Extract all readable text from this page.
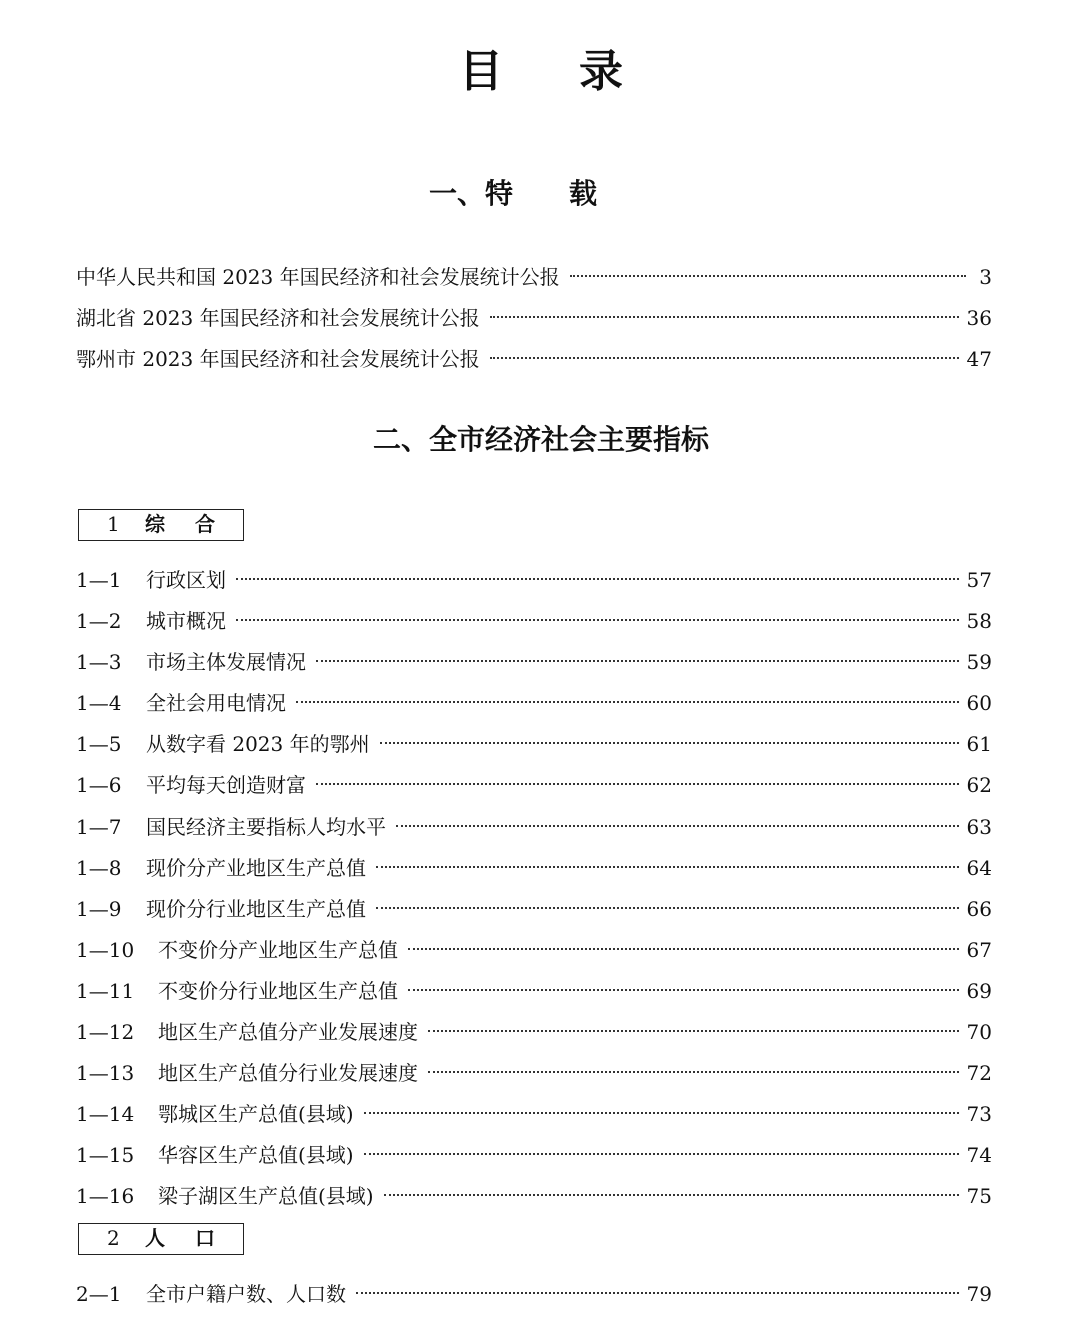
目录
一、特载
中华人民共和国 2023 年国民经济和社会发展统计公报	3
湖北省 2023 年国民经济和社会发展统计公报	36
鄂州市 2023 年国民经济和社会发展统计公报	47
二、全市经济社会主要指标
1 综合
1—1	行政区划	57
1—2	城市概况	58
1—3	市场主体发展情况	59
1—4	全社会用电情况	60
1—5	从数字看 2023 年的鄂州	61
1—6	平均每天创造财富	62
1—7	国民经济主要指标人均水平	63
1—8	现价分产业地区生产总值	64
1—9	现价分行业地区生产总值	66
1—10	不变价分产业地区生产总值	67
1—11	不变价分行业地区生产总值	69
1—12	地区生产总值分产业发展速度	70
1—13	地区生产总值分行业发展速度	72
1—14	鄂城区生产总值(县域)	73
1—15	华容区生产总值(县域)	74
1—16	梁子湖区生产总值(县域)	75
2 人口
2—1	全市户籍户数、人口数	79
